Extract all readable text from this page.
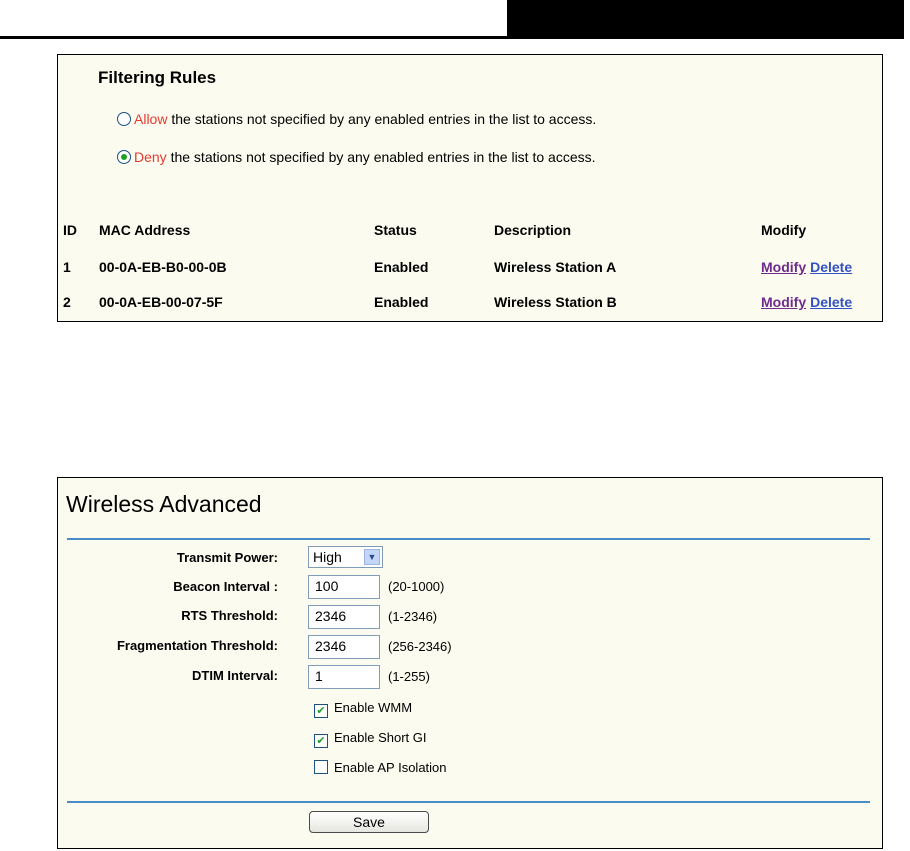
Filtering Rules
Allow the stations not specified by any enabled entries in the list to access.
Deny the stations not specified by any enabled entries in the list to access.
ID MAC Address	Status	Description	Modify
1 00-0A-EB-B0-00-0B	Enabled	Wireless Station A	Modify Delete
2 00-0A-EB-00-07-5F	Enabled	Wireless Station B	Modify Delete
Wireless Advanced
Transmit Power:	High	▼
Beacon Interval :	100	(20-1000)
RTS Threshold:	2346	(1-2346)
Fragmentation Threshold:	2346	(256-2346)
DTIM Interval:	1	(1-255)
✔ Enable WMM
✔ Enable Short GI
Enable AP Isolation
Save
